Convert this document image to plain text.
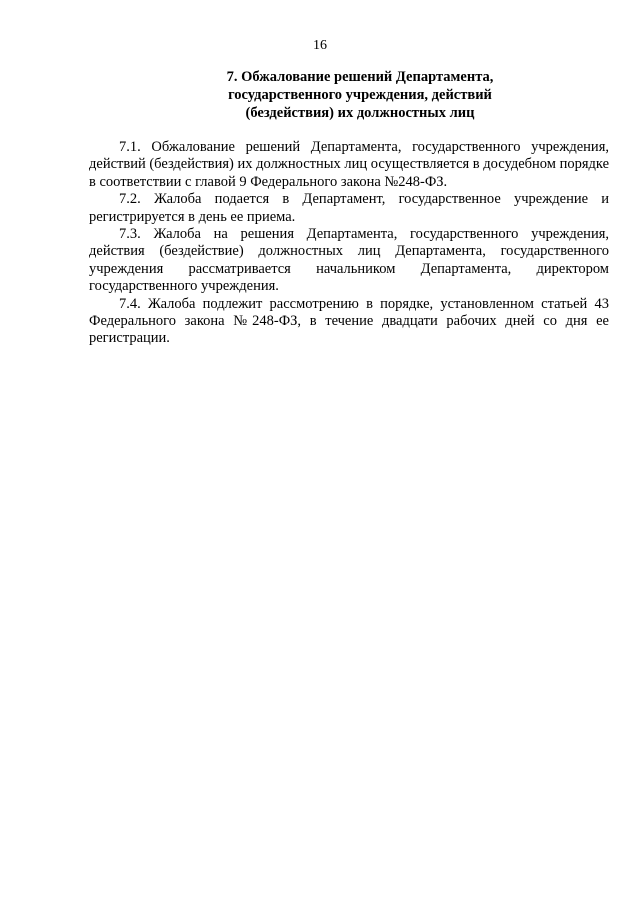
16
7. Обжалование решений Департамента,
государственного учреждения, действий
(бездействия) их должностных лиц

7.1. Обжалование решений Департамента, государственного учреждения, действий (бездействия) их должностных лиц осуществляется в досудебном порядке в соответствии с главой 9 Федерального закона №248-ФЗ.

7.2. Жалоба подается в Департамент, государственное учреждение и регистрируется в день ее приема.

7.3. Жалоба на решения Департамента, государственного учреждения, действия (бездействие) должностных лиц Департамента, государственного учреждения рассматривается начальником Департамента, директором государственного учреждения.

7.4. Жалоба подлежит рассмотрению в порядке, установленном статьей 43 Федерального закона №248-ФЗ, в течение двадцати рабочих дней со дня ее регистрации.
